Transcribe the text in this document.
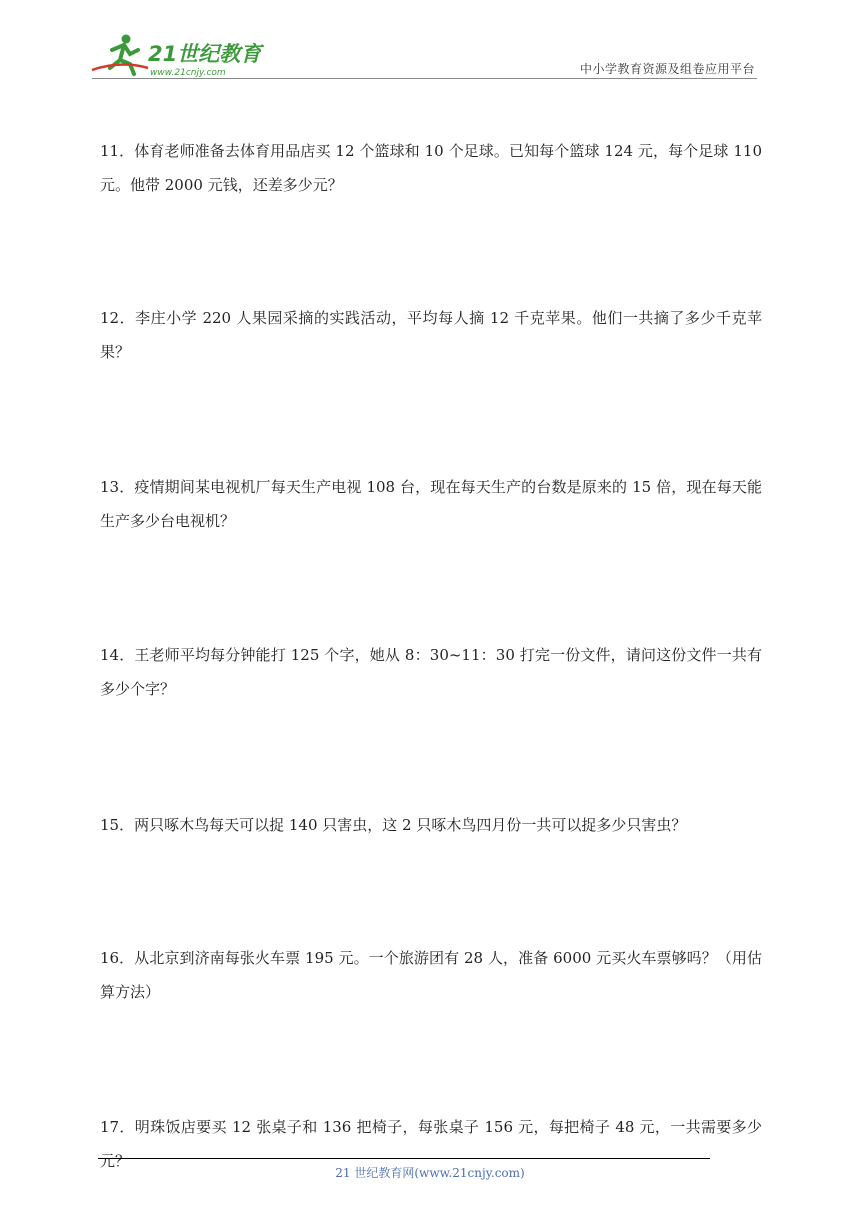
21世纪教育
www.21cnjy.com	中小学教育资源及组卷应用平台
11．体育老师准备去体育用品店买 12 个篮球和 10 个足球。已知每个篮球 124 元，每个足球 110 元。他带 2000 元钱，还差多少元？
12．李庄小学 220 人果园采摘的实践活动，平均每人摘 12 千克苹果。他们一共摘了多少千克苹果？
13．疫情期间某电视机厂每天生产电视 108 台，现在每天生产的台数是原来的 15 倍，现在每天能生产多少台电视机？
14．王老师平均每分钟能打 125 个字，她从 8：30~11：30 打完一份文件，请问这份文件一共有多少个字？
15．两只啄木鸟每天可以捉 140 只害虫，这 2 只啄木鸟四月份一共可以捉多少只害虫？
16．从北京到济南每张火车票 195 元。一个旅游团有 28 人，准备 6000 元买火车票够吗？（用估算方法）
17．明珠饭店要买 12 张桌子和 136 把椅子，每张桌子 156 元，每把椅子 48 元，一共需要多少元？
21 世纪教育网(www.21cnjy.com)
